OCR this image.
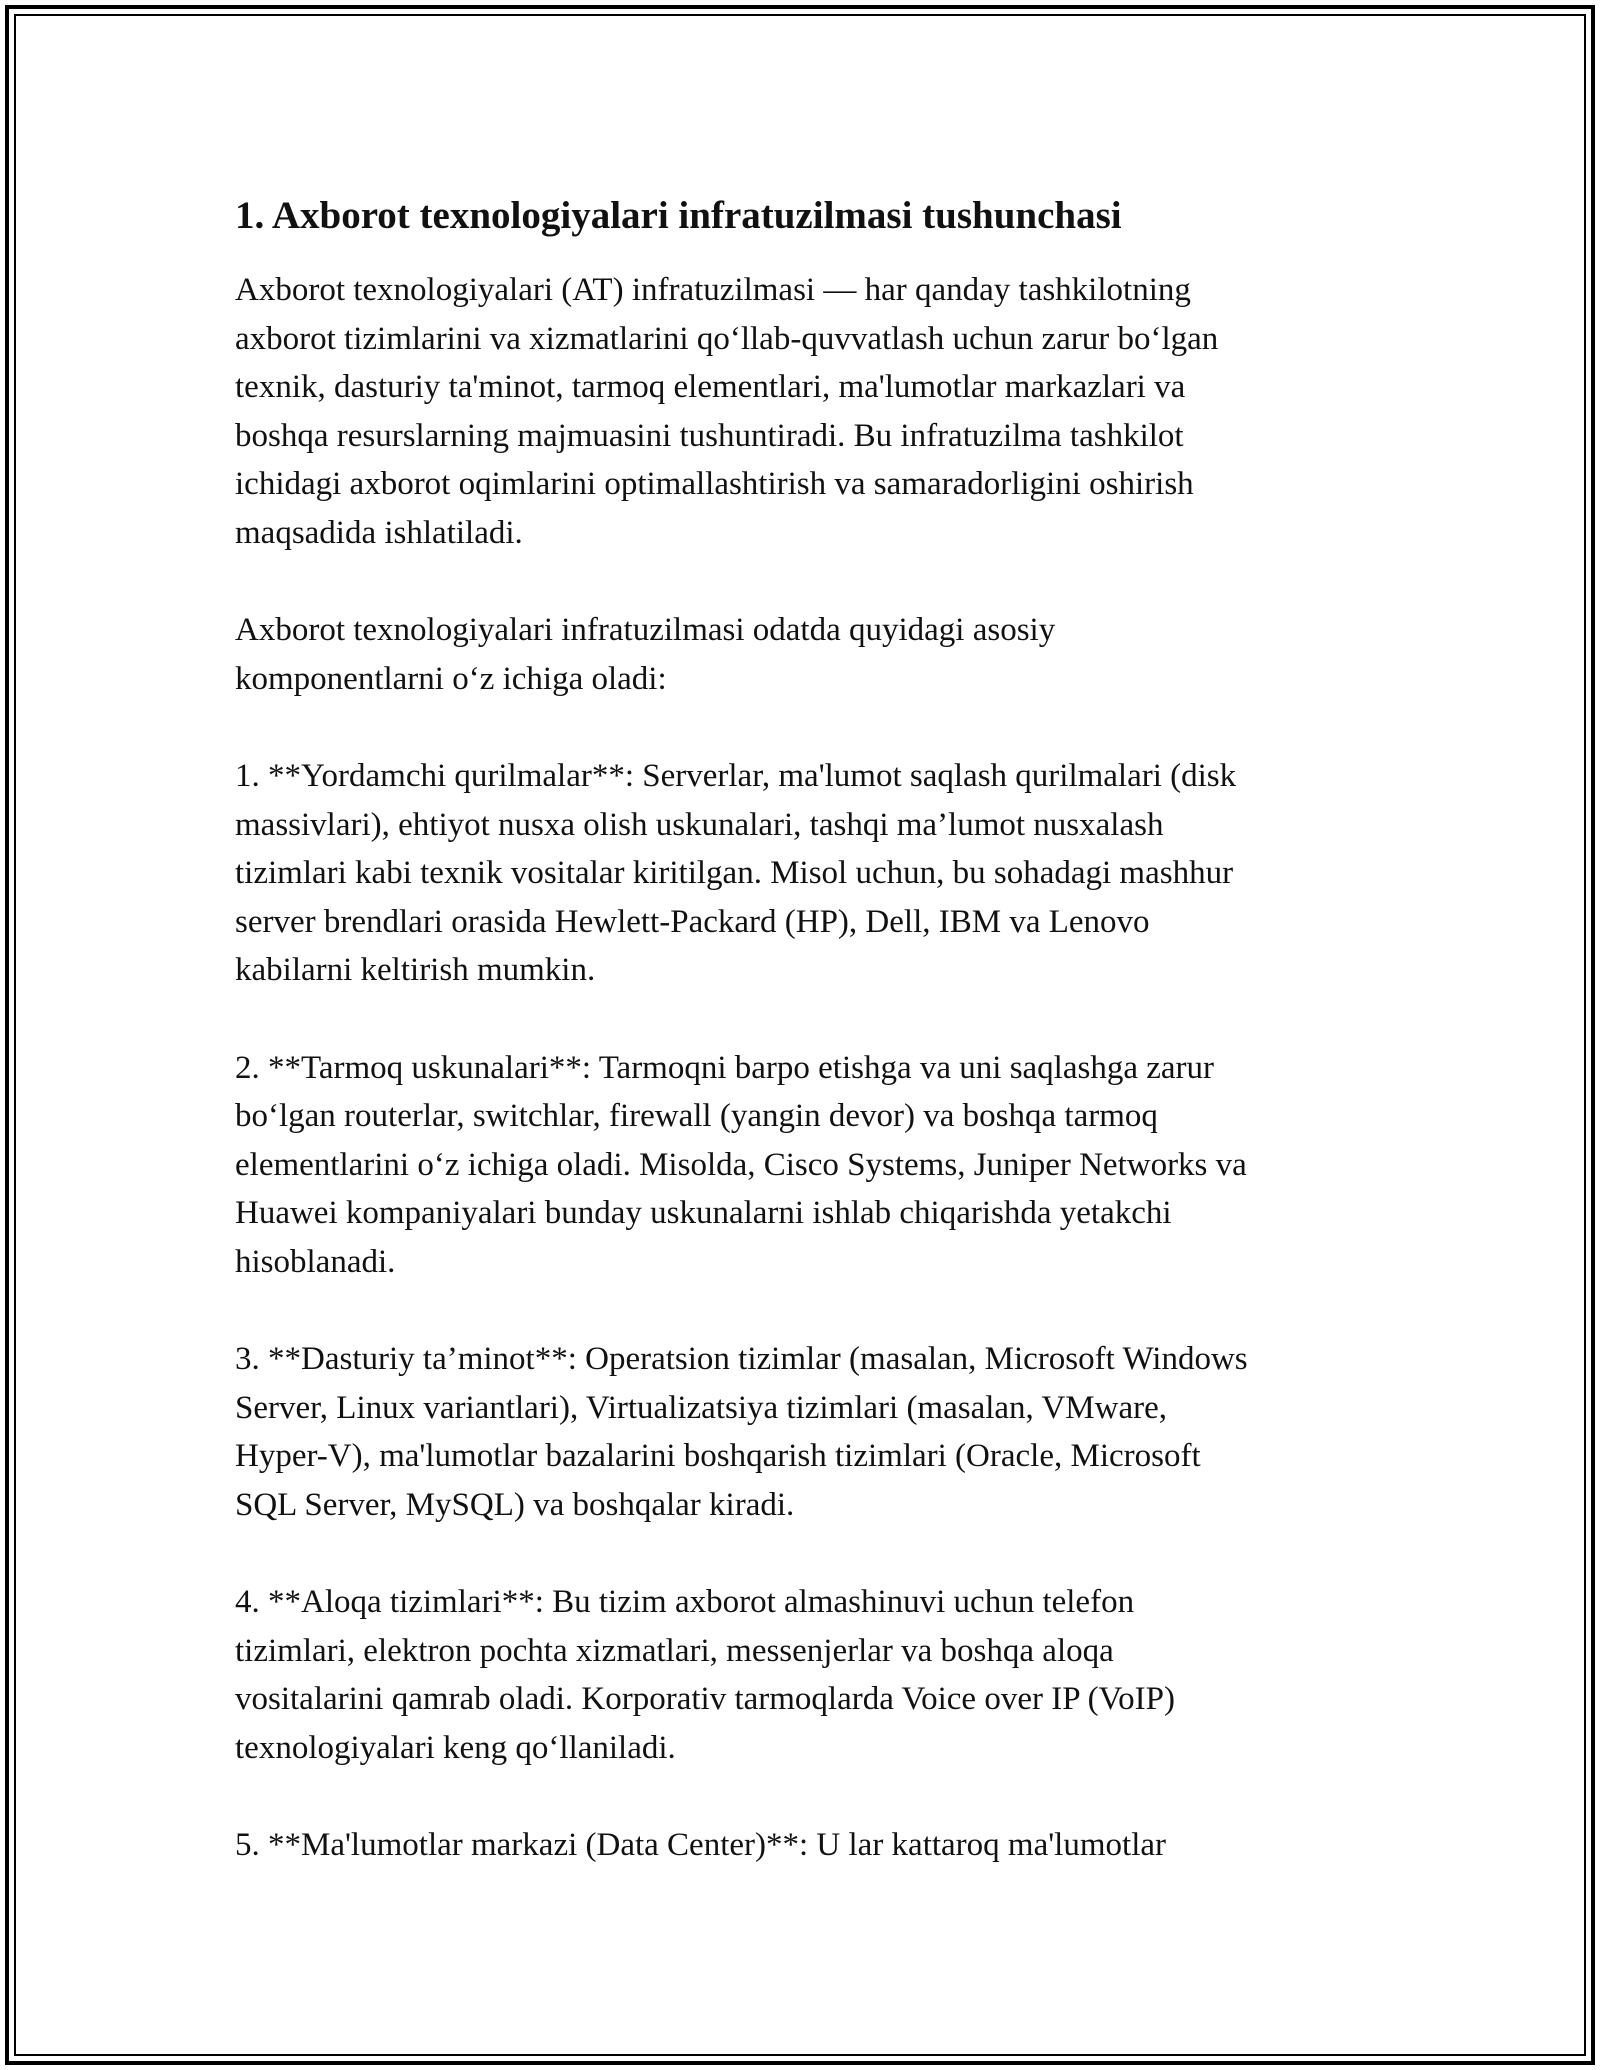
1. Axborot texnologiyalari infratuzilmasi tushunchasi

Axborot texnologiyalari (AT) infratuzilmasi — har qanday tashkilotning
axborot tizimlarini va xizmatlarini qo‘llab-quvvatlash uchun zarur bo‘lgan
texnik, dasturiy ta'minot, tarmoq elementlari, ma'lumotlar markazlari va
boshqa resurslarning majmuasini tushuntiradi. Bu infratuzilma tashkilot
ichidagi axborot oqimlarini optimallashtirish va samaradorligini oshirish
maqsadida ishlatiladi.

Axborot texnologiyalari infratuzilmasi odatda quyidagi asosiy
komponentlarni o‘z ichiga oladi:

1. **Yordamchi qurilmalar**: Serverlar, ma'lumot saqlash qurilmalari (disk
massivlari), ehtiyot nusxa olish uskunalari, tashqi ma’lumot nusxalash
tizimlari kabi texnik vositalar kiritilgan. Misol uchun, bu sohadagi mashhur
server brendlari orasida Hewlett-Packard (HP), Dell, IBM va Lenovo
kabilarni keltirish mumkin.

2. **Tarmoq uskunalari**: Tarmoqni barpo etishga va uni saqlashga zarur
bo‘lgan routerlar, switchlar, firewall (yangin devor) va boshqa tarmoq
elementlarini o‘z ichiga oladi. Misolda, Cisco Systems, Juniper Networks va
Huawei kompaniyalari bunday uskunalarni ishlab chiqarishda yetakchi
hisoblanadi.

3. **Dasturiy ta’minot**: Operatsion tizimlar (masalan, Microsoft Windows
Server, Linux variantlari), Virtualizatsiya tizimlari (masalan, VMware,
Hyper-V), ma'lumotlar bazalarini boshqarish tizimlari (Oracle, Microsoft
SQL Server, MySQL) va boshqalar kiradi.

4. **Aloqa tizimlari**: Bu tizim axborot almashinuvi uchun telefon
tizimlari, elektron pochta xizmatlari, messenjerlar va boshqa aloqa
vositalarini qamrab oladi. Korporativ tarmoqlarda Voice over IP (VoIP)
texnologiyalari keng qo‘llaniladi.

5. **Ma'lumotlar markazi (Data Center)**: U lar kattaroq ma'lumotlar
